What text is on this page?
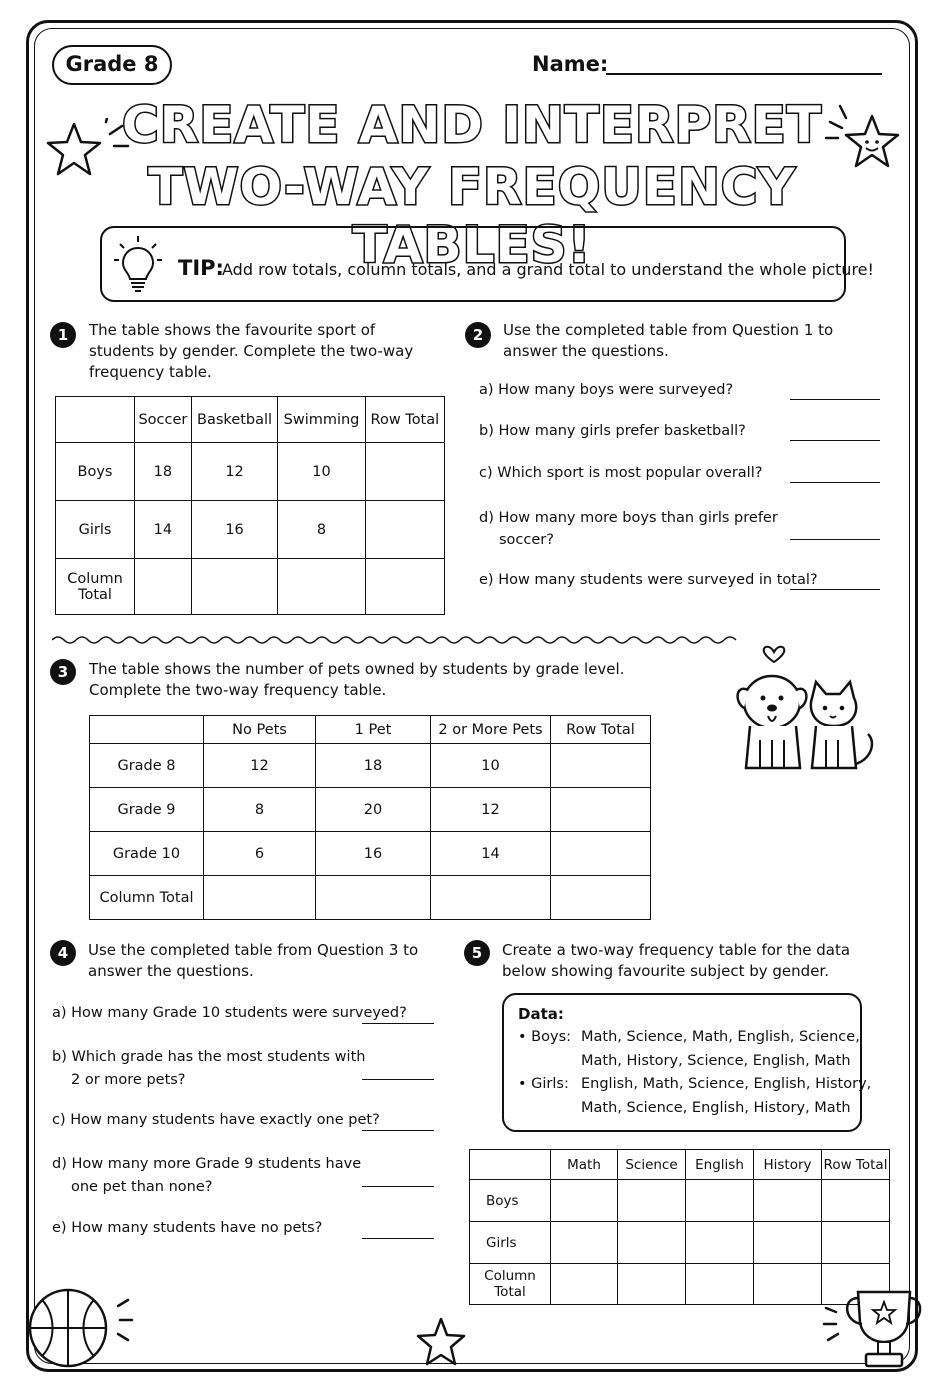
Grade 8	Name:
CREATE AND INTERPRET
TWO-WAY FREQUENCY TABLES!
TIP:
Add row totals, column totals, and a grand total to understand the whole picture!
1	The table shows the favourite sport of
students by gender. Complete the two-way
frequency table.
	Soccer	Basketball	Swimming	Row Total
Boys	18	12	10	
Girls	14	16	8	

Column
Total				

2	Use the completed table from Question 1 to
answer the questions.
a) How many boys were surveyed?
b) How many girls prefer basketball?
c) Which sport is most popular overall?
d) How many more boys than girls prefer
soccer?
e) How many students were surveyed in total?
3	The table shows the number of pets owned by students by grade level.
Complete the two-way frequency table.
	No Pets	1 Pet	2 or More Pets	Row Total
Grade 8	12	18	10	
Grade 9	8	20	12	
Grade 10	6	16	14	
Column Total				
4	Use the completed table from Question 3 to
answer the questions.
a) How many Grade 10 students were surveyed?
b) Which grade has the most students with
2 or more pets?
c) How many students have exactly one pet?
d) How many more Grade 9 students have
one pet than none?
e) How many students have no pets?
5	Create a two-way frequency table for the data
below showing favourite subject by gender.
Data:
• Boys: Math, Science, Math, English, Science,
Math, History, Science, English, Math
• Girls: English, Math, Science, English, History,
Math, Science, English, History, Math
	Math	Science	English	History	Row Total
Boys					
Girls					
Column Total					
